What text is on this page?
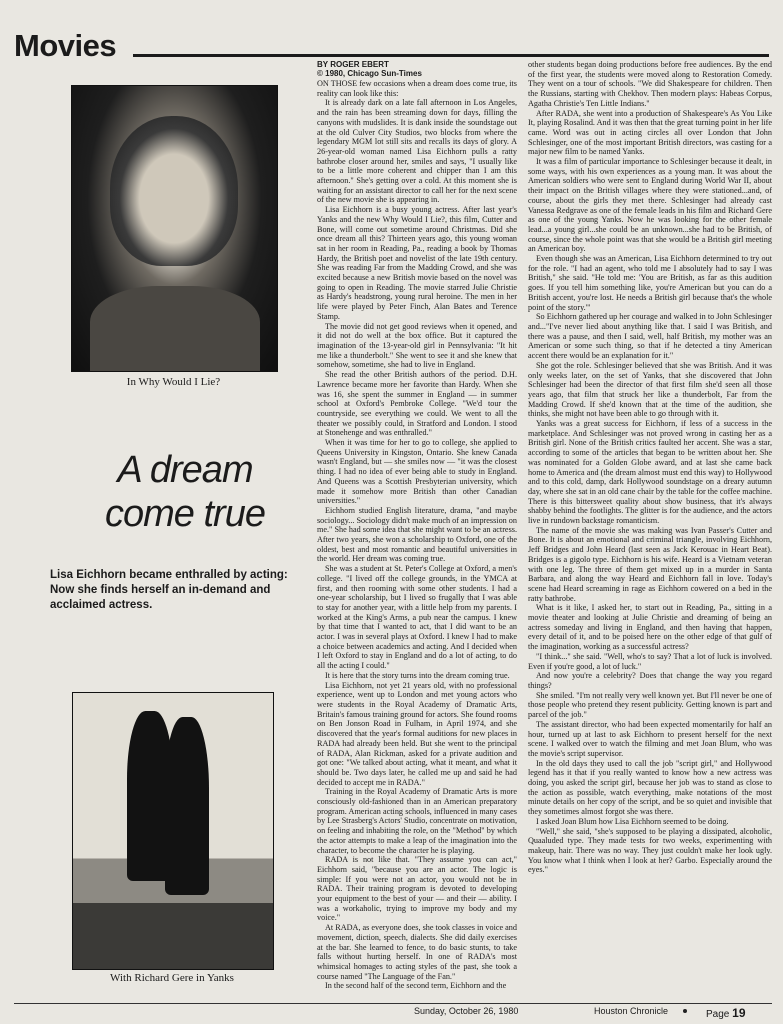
Movies
In Why Would I Lie?
A dream
come true
Lisa Eichhorn became enthralled by acting: Now she finds herself an in-demand and acclaimed actress.
With Richard Gere in Yanks
BY ROGER EBERT
© 1980, Chicago Sun-Times

ON THOSE few occasions when a dream does come true, its reality can look like this:

It is already dark on a late fall afternoon in Los Angeles, and the rain has been streaming down for days, filling the canyons with mudslides. It is dank inside the soundstage out at the old Culver City Studios, two blocks from where the legendary MGM lot still sits and recalls its days of glory. A 26-year-old woman named Lisa Eichhorn pulls a ratty bathrobe closer around her, smiles and says, "I usually like to be a little more coherent and chipper than I am this afternoon." She's getting over a cold. At this moment she is waiting for an assistant director to call her for the next scene of the new movie she is appearing in.

Lisa Eichhorn is a busy young actress. After last year's Yanks and the new Why Would I Lie?, this film, Cutter and Bone, will come out sometime around Christmas. Did she once dream all this? Thirteen years ago, this young woman sat in her room in Reading, Pa., reading a book by Thomas Hardy, the British poet and novelist of the late 19th century. She was reading Far from the Madding Crowd, and she was excited because a new British movie based on the novel was going to open in Reading. The movie starred Julie Christie as Hardy's headstrong, young rural heroine. The men in her life were played by Peter Finch, Alan Bates and Terence Stamp.

The movie did not get good reviews when it opened, and it did not do well at the box office. But it captured the imagination of the 13-year-old girl in Pennsylvania: "It hit me like a thunderbolt." She went to see it and she knew that somehow, sometime, she had to live in England.

She read the other British authors of the period. D.H. Lawrence became more her favorite than Hardy. When she was 16, she spent the summer in England — in summer school at Oxford's Pembroke College. "We'd tour the countryside, see everything we could. We went to all the theater we possibly could, in Stratford and London. I stood at Stonehenge and was enthralled."

When it was time for her to go to college, she applied to Queens University in Kingston, Ontario. She knew Canada wasn't England, but — she smiles now — "it was the closest thing. I had no idea of ever being able to study in England. And Queens was a Scottish Presbyterian university, which made it somehow more British than other Canadian universities."

Eichhorn studied English literature, drama, "and maybe sociology... Sociology didn't make much of an impression on me." She had some idea that she might want to be an actress. After two years, she won a scholarship to Oxford, one of the oldest, best and most romantic and beautiful universities in the world. Her dream was coming true.

She was a student at St. Peter's College at Oxford, a men's college. "I lived off the college grounds, in the YMCA at first, and then rooming with some other students. I had a one-year scholarship, but I lived so frugally that I was able to stay for another year, with a little help from my parents. I worked at the King's Arms, a pub near the campus. I knew by that time that I wanted to act, that I did want to be an actor. I was in several plays at Oxford. I knew I had to make a choice between academics and acting. And I decided when I left Oxford to stay in England and do a lot of acting, to do all the acting I could."

It is here that the story turns into the dream coming true.

Lisa Eichhorn, not yet 21 years old, with no professional experience, went up to London and met young actors who were students in the Royal Academy of Dramatic Arts, Britain's famous training ground for actors. She found rooms on Ben Jonson Road in Fulham, in April 1974, and she discovered that the year's formal auditions for new places in RADA had already been held. But she went to the principal of RADA, Alan Rickman, asked for a private audition and got one: "We talked about acting, what it meant, and what it should be. Two days later, he called me up and said he had decided to accept me in RADA."

Training in the Royal Academy of Dramatic Arts is more consciously old-fashioned than in an American preparatory program. American acting schools, influenced in many cases by Lee Strasberg's Actors' Studio, concentrate on motivation, on feeling and inhabiting the role, on the "Method" by which the actor attempts to make a leap of the imagination into the character, to become the character he is playing.

RADA is not like that. "They assume you can act," Eichhorn said, "because you are an actor. The logic is simple: If you were not an actor, you would not be in RADA. Their training program is devoted to developing your equipment to the best of your — and their — ability. I was a workaholic, trying to improve my body and my voice."

At RADA, as everyone does, she took classes in voice and movement, diction, speech, dialects. She did daily exercises at the bar. She learned to fence, to do basic stunts, to take falls without hurting herself. In one of RADA's most whimsical homages to acting styles of the past, she took a course named "The Language of the Fan."

In the second half of the second term, Eichhorn and the

other students began doing productions before free audiences. By the end of the first year, the students were moved along to Restoration Comedy. They went on a tour of schools. "We did Shakespeare for children. Then the Russians, starting with Chekhov. Then modern plays: Habeas Corpus, Agatha Christie's Ten Little Indians."

After RADA, she went into a production of Shakespeare's As You Like It, playing Rosalind. And it was then that the great turning point in her life came. Word was out in acting circles all over London that John Schlesinger, one of the most important British directors, was casting for a major new film to be named Yanks.

It was a film of particular importance to Schlesinger because it dealt, in some ways, with his own experiences as a young man. It was about the American soldiers who were sent to England during World War II, about their impact on the British villages where they were stationed...and, of course, about the girls they met there. Schlesinger had already cast Vanessa Redgrave as one of the female leads in his film and Richard Gere as one of the young Yanks. Now he was looking for the other female lead...a young girl...she could be an unknown...she had to be British, of course, since the whole point was that she would be a British girl meeting an American boy.

Even though she was an American, Lisa Eichhorn determined to try out for the role. "I had an agent, who told me I absolutely had to say I was British," she said. "He told me: 'You are British, as far as this audition goes. If you tell him something like, you're American but you can do a British accent, you're lost. He needs a British girl because that's the whole point of the story.'"

So Eichhorn gathered up her courage and walked in to John Schlesinger and..."I've never lied about anything like that. I said I was British, and there was a pause, and then I said, well, half British, my mother was an American or some such thing, so that if he detected a tiny American accent there would be an explanation for it."

She got the role. Schlesinger believed that she was British. And it was only weeks later, on the set of Yanks, that she discovered that John Schlesinger had been the director of that first film she'd seen all those years ago, that film that struck her like a thunderbolt, Far from the Madding Crowd. If she'd known that at the time of the audition, she thinks, she might not have been able to go through with it.

Yanks was a great success for Eichhorn, if less of a success in the marketplace. And Schlesinger was not proved wrong in casting her as a British girl. None of the British critics faulted her accent. She was a star, according to some of the articles that began to be written about her. She was nominated for a Golden Globe award, and at last she came back home to America and (the dream almost must end this way) to Hollywood and to this cold, damp, dark Hollywood soundstage on a dreary autumn day, where she sat in an old cane chair by the table for the coffee machine. There is this bittersweet quality about show business, that it's always shabby behind the footlights. The glitter is for the audience, and the actors live in rundown backstage romanticism.

The name of the movie she was making was Ivan Passer's Cutter and Bone. It is about an emotional and criminal triangle, involving Eichhorn, Jeff Bridges and John Heard (last seen as Jack Kerouac in Heart Beat). Bridges is a gigolo type. Eichhorn is his wife. Heard is a Vietnam veteran with one leg. The three of them get mixed up in a murder in Santa Barbara, and along the way Heard and Eichhorn fall in love. Today's scene had Heard screaming in rage as Eichhorn cowered on a bed in the ratty bathrobe.

What is it like, I asked her, to start out in Reading, Pa., sitting in a movie theater and looking at Julie Christie and dreaming of being an actress someday and living in England, and then having that happen, every detail of it, and to be poised here on the other edge of that gulf of the imagination, working as a successful actress?

"I think..." she said. "Well, who's to say? That a lot of luck is involved. Even if you're good, a lot of luck."

And now you're a celebrity? Does that change the way you regard things?

She smiled. "I'm not really very well known yet. But I'll never be one of those people who pretend they resent publicity. Getting known is part and parcel of the job."

The assistant director, who had been expected momentarily for half an hour, turned up at last to ask Eichhorn to present herself for the next scene. I walked over to watch the filming and met Joan Blum, who was the movie's script supervisor.

In the old days they used to call the job "script girl," and Hollywood legend has it that if you really wanted to know how a new actress was doing, you asked the script girl, because her job was to stand as close to the action as possible, watch everything, make notations of the most minute details on her copy of the script, and be so quiet and invisible that they sometimes almost forgot she was there.

I asked Joan Blum how Lisa Eichhorn seemed to be doing.

"Well," she said, "she's supposed to be playing a dissipated, alcoholic, Quaaluded type. They made tests for two weeks, experimenting with makeup, hair. There was no way. They just couldn't make her look ugly. You know what I think when I look at her? Garbo. Especially around the eyes."

Sunday, October 26, 1980	Houston Chronicle	Page 19
